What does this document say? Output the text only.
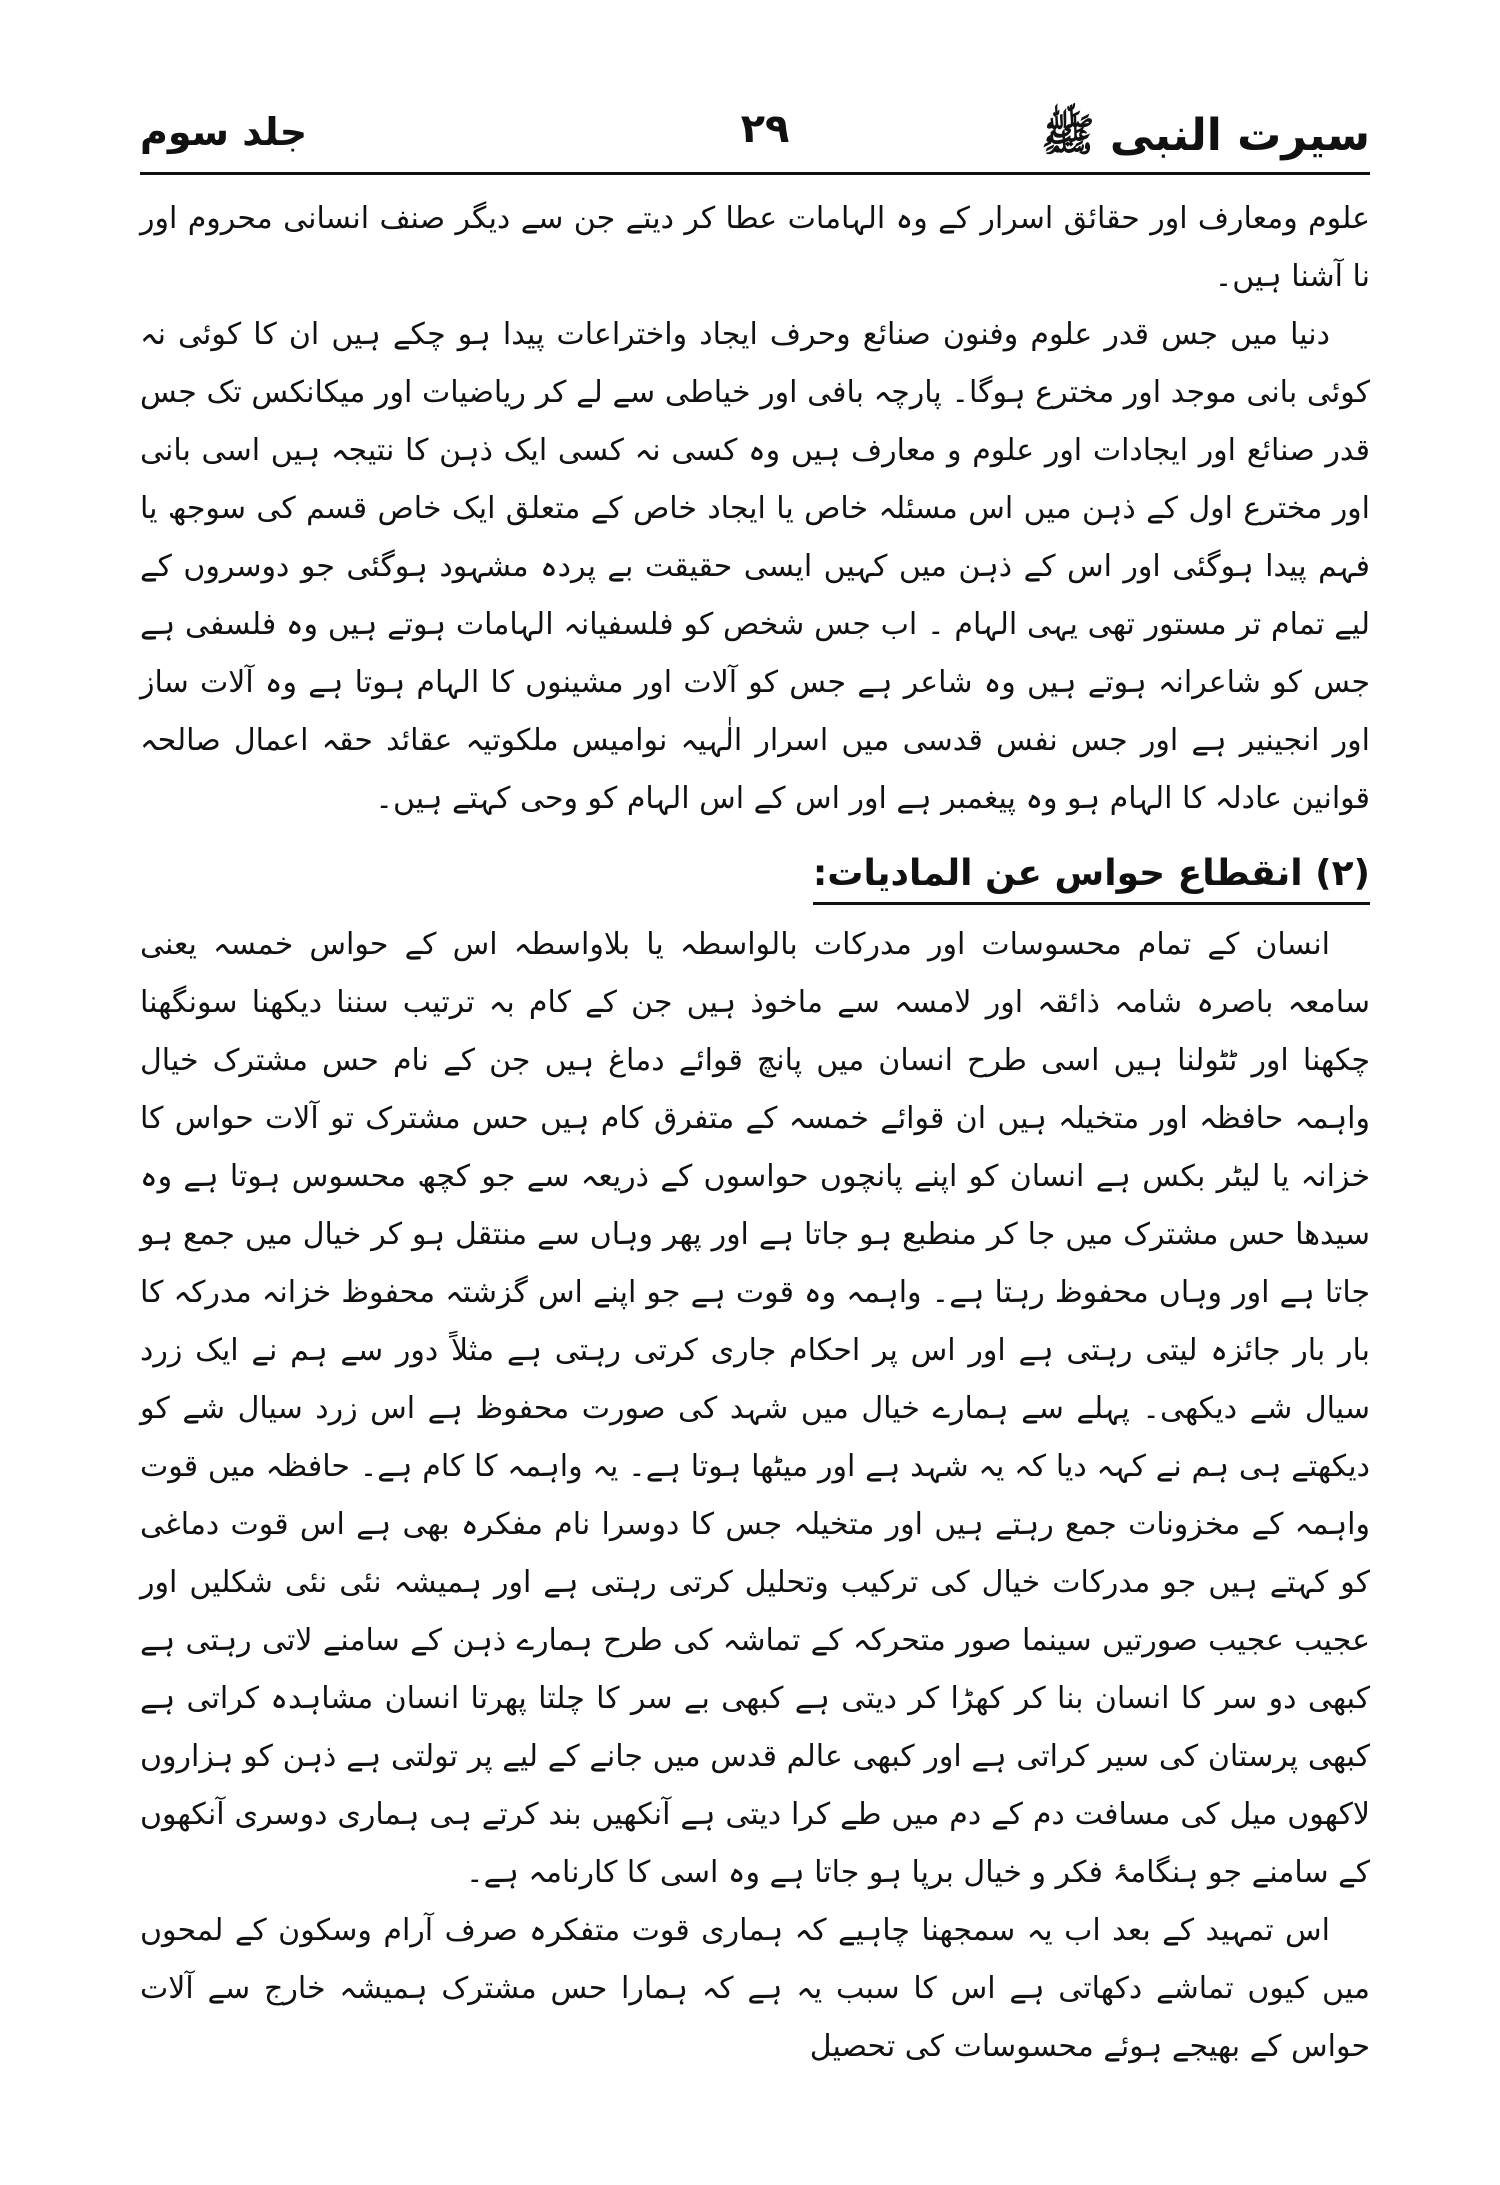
سیرت النبی ﷺ
۲۹
جلد سوم

علوم ومعارف اور حقائق اسرار کے وہ الہامات عطا کر دیتے جن سے دیگر صنف انسانی محروم اور نا آشنا ہیں۔

دنیا میں جس قدر علوم وفنون صنائع وحرف ایجاد واختراعات پیدا ہو چکے ہیں ان کا کوئی نہ کوئی بانی موجد اور مخترع ہوگا۔ پارچہ بافی اور خیاطی سے لے کر ریاضیات اور میکانکس تک جس قدر صنائع اور ایجادات اور علوم و معارف ہیں وہ کسی نہ کسی ایک ذہن کا نتیجہ ہیں اسی بانی اور مخترع اول کے ذہن میں اس مسئلہ خاص یا ایجاد خاص کے متعلق ایک خاص قسم کی سوجھ یا فہم پیدا ہوگئی اور اس کے ذہن میں کہیں ایسی حقیقت بے پردہ مشہود ہوگئی جو دوسروں کے لیے تمام تر مستور تھی یہی الہام ۔ اب جس شخص کو فلسفیانہ الہامات ہوتے ہیں وہ فلسفی ہے جس کو شاعرانہ ہوتے ہیں وہ شاعر ہے جس کو آلات اور مشینوں کا الہام ہوتا ہے وہ آلات ساز اور انجینیر ہے اور جس نفس قدسی میں اسرار الٰہیہ نوامیس ملکوتیہ عقائد حقہ اعمال صالحہ قوانین عادلہ کا الہام ہو وہ پیغمبر ہے اور اس کے اس الہام کو وحی کہتے ہیں۔

(۲) انقطاع حواس عن المادیات:

انسان کے تمام محسوسات اور مدرکات بالواسطہ یا بلاواسطہ اس کے حواس خمسہ یعنی سامعہ باصرہ شامہ ذائقہ اور لامسہ سے ماخوذ ہیں جن کے کام بہ ترتیب سننا دیکھنا سونگھنا چکھنا اور ٹٹولنا ہیں اسی طرح انسان میں پانچ قوائے دماغ ہیں جن کے نام حس مشترک خیال واہمہ حافظہ اور متخیلہ ہیں ان قوائے خمسہ کے متفرق کام ہیں حس مشترک تو آلات حواس کا خزانہ یا لیٹر بکس ہے انسان کو اپنے پانچوں حواسوں کے ذریعہ سے جو کچھ محسوس ہوتا ہے وہ سیدھا حس مشترک میں جا کر منطبع ہو جاتا ہے اور پھر وہاں سے منتقل ہو کر خیال میں جمع ہو جاتا ہے اور وہاں محفوظ رہتا ہے۔ واہمہ وہ قوت ہے جو اپنے اس گزشتہ محفوظ خزانہ مدرکہ کا بار بار جائزہ لیتی رہتی ہے اور اس پر احکام جاری کرتی رہتی ہے مثلاً دور سے ہم نے ایک زرد سیال شے دیکھی۔ پہلے سے ہمارے خیال میں شہد کی صورت محفوظ ہے اس زرد سیال شے کو دیکھتے ہی ہم نے کہہ دیا کہ یہ شہد ہے اور میٹھا ہوتا ہے۔ یہ واہمہ کا کام ہے۔ حافظہ میں قوت واہمہ کے مخزونات جمع رہتے ہیں اور متخیلہ جس کا دوسرا نام مفکرہ بھی ہے اس قوت دماغی کو کہتے ہیں جو مدرکات خیال کی ترکیب وتحلیل کرتی رہتی ہے اور ہمیشہ نئی نئی شکلیں اور عجیب عجیب صورتیں سینما صور متحرکہ کے تماشہ کی طرح ہمارے ذہن کے سامنے لاتی رہتی ہے کبھی دو سر کا انسان بنا کر کھڑا کر دیتی ہے کبھی بے سر کا چلتا پھرتا انسان مشاہدہ کراتی ہے کبھی پرستان کی سیر کراتی ہے اور کبھی عالم قدس میں جانے کے لیے پر تولتی ہے ذہن کو ہزاروں لاکھوں میل کی مسافت دم کے دم میں طے کرا دیتی ہے آنکھیں بند کرتے ہی ہماری دوسری آنکھوں کے سامنے جو ہنگامۂ فکر و خیال برپا ہو جاتا ہے وہ اسی کا کارنامہ ہے۔

اس تمہید کے بعد اب یہ سمجھنا چاہیے کہ ہماری قوت متفکرہ صرف آرام وسکون کے لمحوں میں کیوں تماشے دکھاتی ہے اس کا سبب یہ ہے کہ ہمارا حس مشترک ہمیشہ خارج سے آلات حواس کے بھیجے ہوئے محسوسات کی تحصیل
